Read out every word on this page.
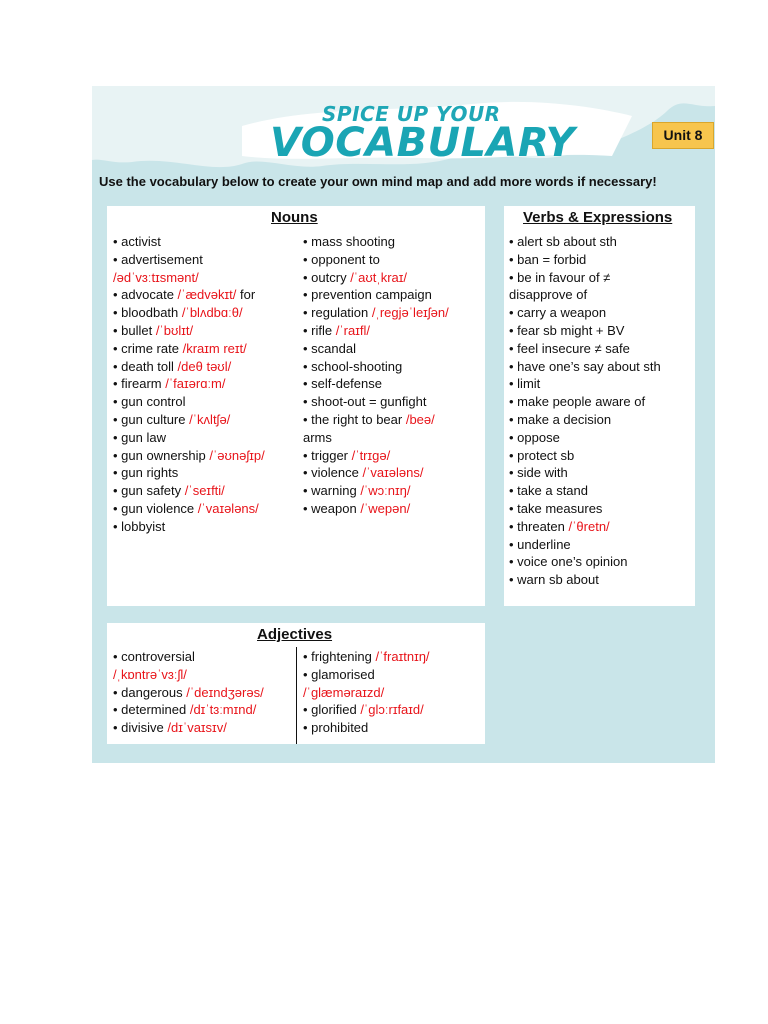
SPICE UP YOUR
VOCABULARY	Unit 8
Use the vocabulary below to create your own mind map and add more words if necessary!
Nouns
• activist
• advertisement
/ədˈvɜːtɪsmənt/
• advocate /ˈædvəkɪt/ for
• bloodbath /ˈblʌdbɑːθ/
• bullet /ˈbʊlɪt/
• crime rate /kraɪm reɪt/
• death toll /deθ təʊl/
• firearm /ˈfaɪərɑːm/
• gun control
• gun culture /ˈkʌltʃə/
• gun law
• gun ownership /ˈəʊnəʃɪp/
• gun rights
• gun safety /ˈseɪfti/
• gun violence /ˈvaɪələns/
• lobbyist
• mass shooting
• opponent to
• outcry /ˈaʊtˌkraɪ/
• prevention campaign
• regulation /ˌregjəˈleɪʃən/
• rifle /ˈraɪfl/
• scandal
• school-shooting
• self-defense
• shoot-out = gunfight
• the right to bear /beə/
arms
• trigger /ˈtrɪgə/
• violence /ˈvaɪələns/
• warning /ˈwɔːnɪŋ/
• weapon /ˈwepən/
Verbs & Expressions
• alert sb about sth
• ban = forbid
• be in favour of ≠
disapprove of
• carry a weapon
• fear sb might + BV
• feel insecure ≠ safe
• have one’s say about sth
• limit
• make people aware of
• make a decision
• oppose
• protect sb
• side with
• take a stand
• take measures
• threaten /ˈθretn/
• underline
• voice one’s opinion
• warn sb about
Adjectives
• controversial
/ˌkɒntrəˈvɜːʃl/
• dangerous /ˈdeɪndʒərəs/
• determined /dɪˈtɜːmɪnd/
• divisive /dɪˈvaɪsɪv/
• frightening /ˈfraɪtnɪŋ/
• glamorised
/ˈglæməraɪzd/
• glorified /ˈglɔːrɪfaɪd/
• prohibited
